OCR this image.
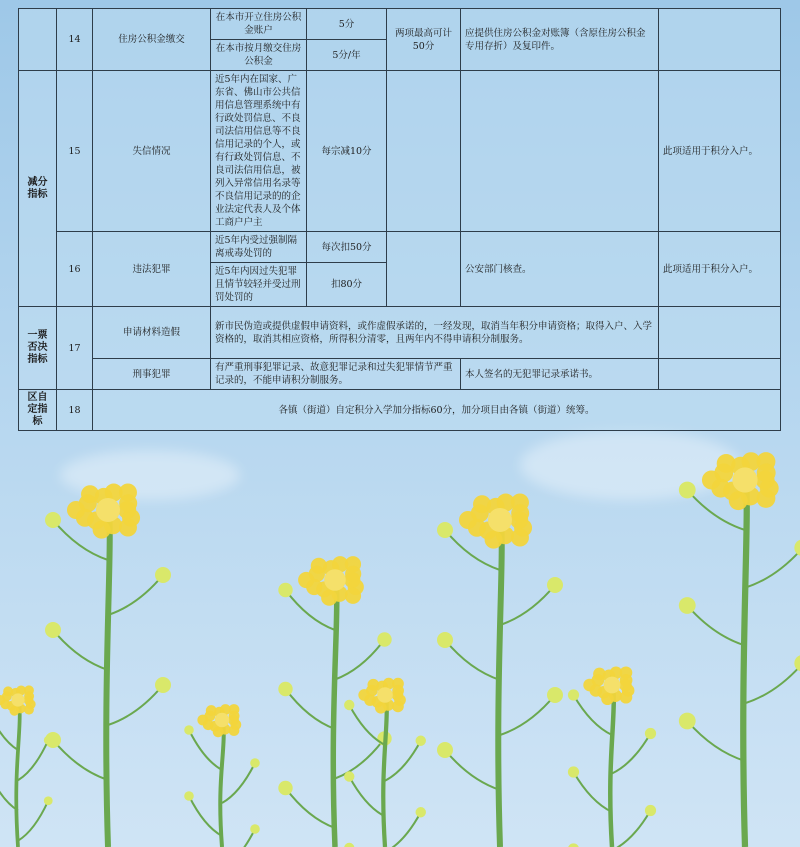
	14	住房公积金缴交	在本市开立住房公积金账户	5分	两项最高可计50分	应提供住房公积金对账簿（含原住房公积金专用存折）及复印件。	
			在本市按月缴交住房公积金	5分/年			
减分指标	15	失信情况	近5年内在国家、广东省、佛山市公共信用信息管理系统中有行政处罚信息、不良司法信用信息等不良信用记录的个人，或有行政处罚信息、不良司法信用信息，被列入异常信用名录等不良信用记录的的企业法定代表人及个体工商户户主	每宗减10分			此项适用于积分入户。
	16	违法犯罪	近5年内受过强制隔离戒毒处罚的	每次扣50分		公安部门核查。	此项适用于积分入户。
			近5年内因过失犯罪且情节较轻并受过刑罚处罚的	扣80分			
一票否决指标	17	申请材料造假	新市民伪造或提供虚假申请资料，或作虚假承诺的，一经发现，取消当年积分申请资格；取得入户、入学资格的，取消其相应资格，所得积分清零，且两年内不得申请积分制服务。				
		刑事犯罪	有严重刑事犯罪记录、故意犯罪记录和过失犯罪情节严重记录的，不能申请积分制服务。			本人签名的无犯罪记录承诺书。	
区自定指标	18	各镇（街道）自定积分入学加分指标60分，加分项目由各镇（街道）统筹。					
